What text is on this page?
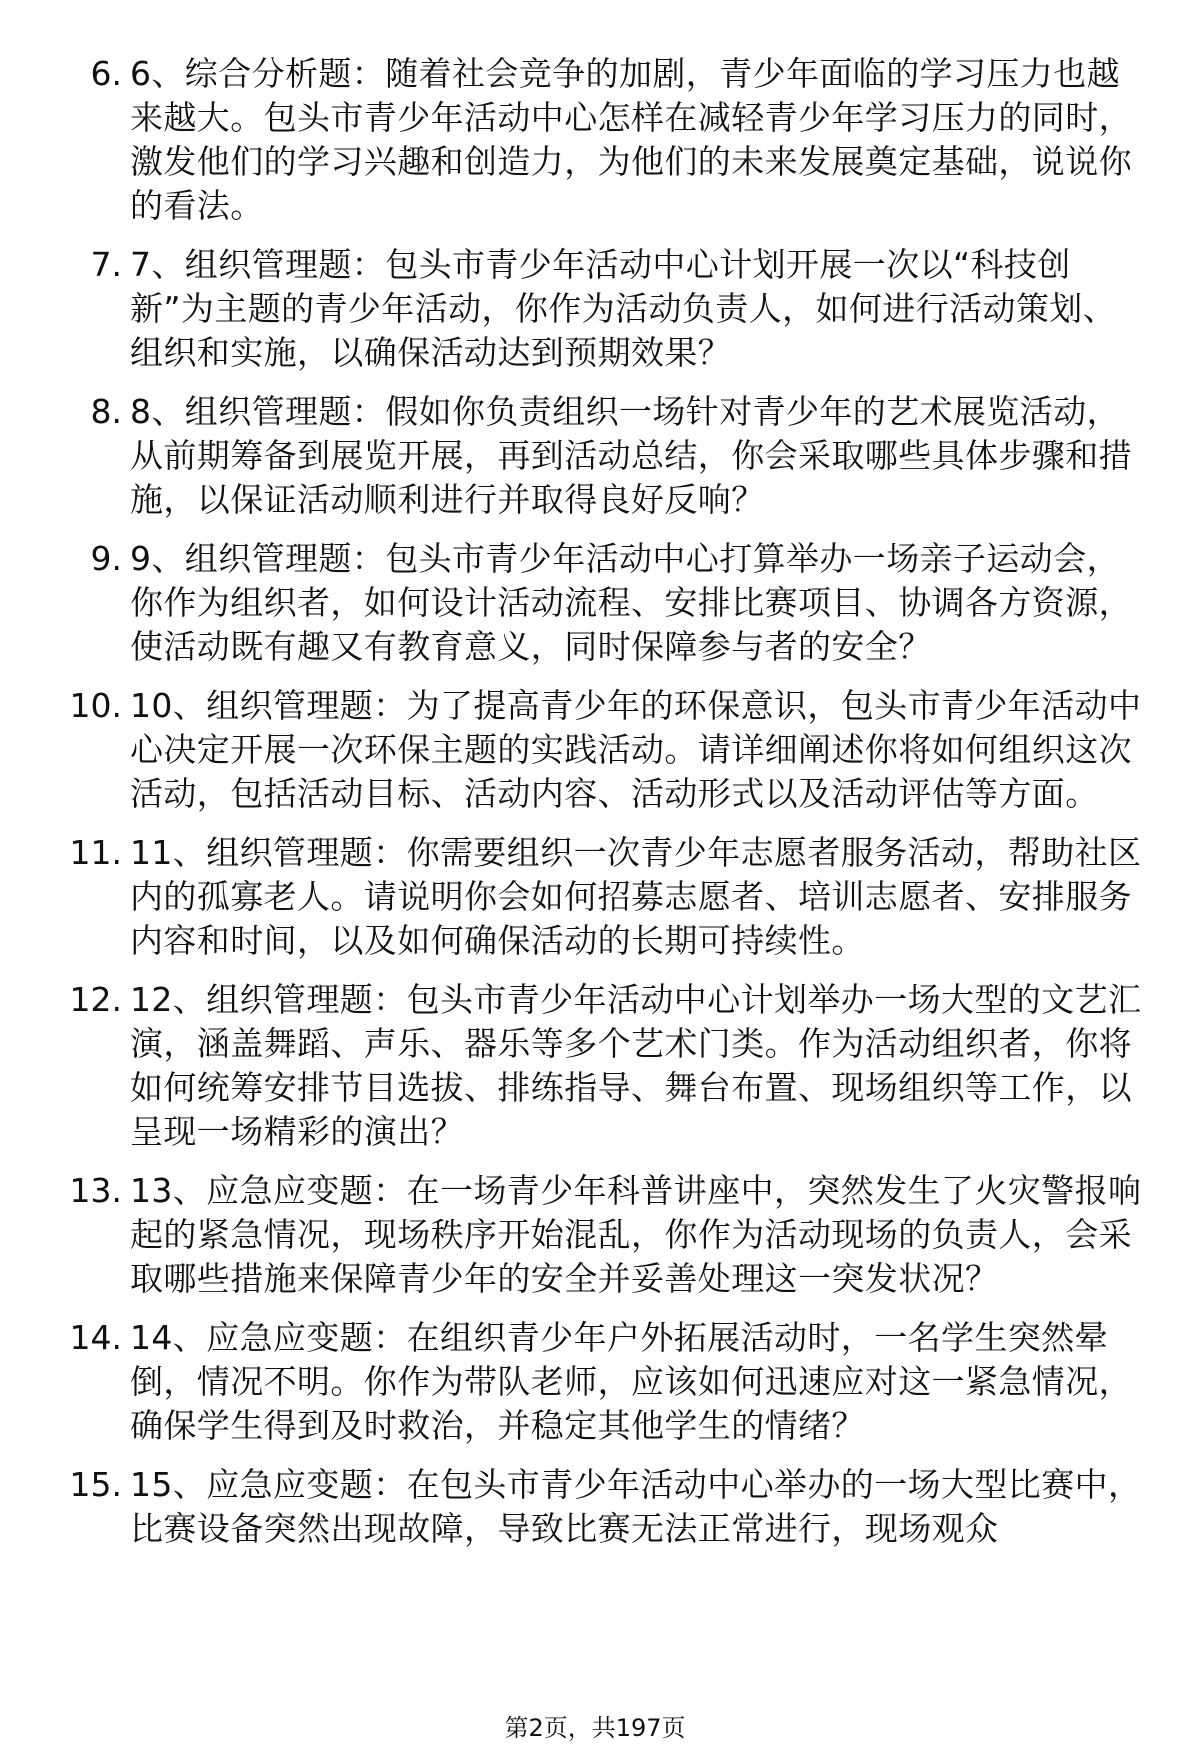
6. 6、综合分析题：随着社会竞争的加剧，青少年面临的学习压力也越来越大。包头市青少年活动中心怎样在减轻青少年学习压力的同时，激发他们的学习兴趣和创造力，为他们的未来发展奠定基础，说说你的看法。
7. 7、组织管理题：包头市青少年活动中心计划开展一次以“科技创新”为主题的青少年活动，你作为活动负责人，如何进行活动策划、组织和实施，以确保活动达到预期效果？
8. 8、组织管理题：假如你负责组织一场针对青少年的艺术展览活动，从前期筹备到展览开展，再到活动总结，你会采取哪些具体步骤和措施，以保证活动顺利进行并取得良好反响？
9. 9、组织管理题：包头市青少年活动中心打算举办一场亲子运动会，你作为组织者，如何设计活动流程、安排比赛项目、协调各方资源，使活动既有趣又有教育意义，同时保障参与者的安全？
10. 10、组织管理题：为了提高青少年的环保意识，包头市青少年活动中心决定开展一次环保主题的实践活动。请详细阐述你将如何组织这次活动，包括活动目标、活动内容、活动形式以及活动评估等方面。
11. 11、组织管理题：你需要组织一次青少年志愿者服务活动，帮助社区内的孤寡老人。请说明你会如何招募志愿者、培训志愿者、安排服务内容和时间，以及如何确保活动的长期可持续性。
12. 12、组织管理题：包头市青少年活动中心计划举办一场大型的文艺汇演，涵盖舞蹈、声乐、器乐等多个艺术门类。作为活动组织者，你将如何统筹安排节目选拔、排练指导、舞台布置、现场组织等工作，以呈现一场精彩的演出？
13. 13、应急应变题：在一场青少年科普讲座中，突然发生了火灾警报响起的紧急情况，现场秩序开始混乱，你作为活动现场的负责人，会采取哪些措施来保障青少年的安全并妥善处理这一突发状况？
14. 14、应急应变题：在组织青少年户外拓展活动时，一名学生突然晕倒，情况不明。你作为带队老师，应该如何迅速应对这一紧急情况，确保学生得到及时救治，并稳定其他学生的情绪？
15. 15、应急应变题：在包头市青少年活动中心举办的一场大型比赛中，比赛设备突然出现故障，导致比赛无法正常进行，现场观众
第2页，共197页
